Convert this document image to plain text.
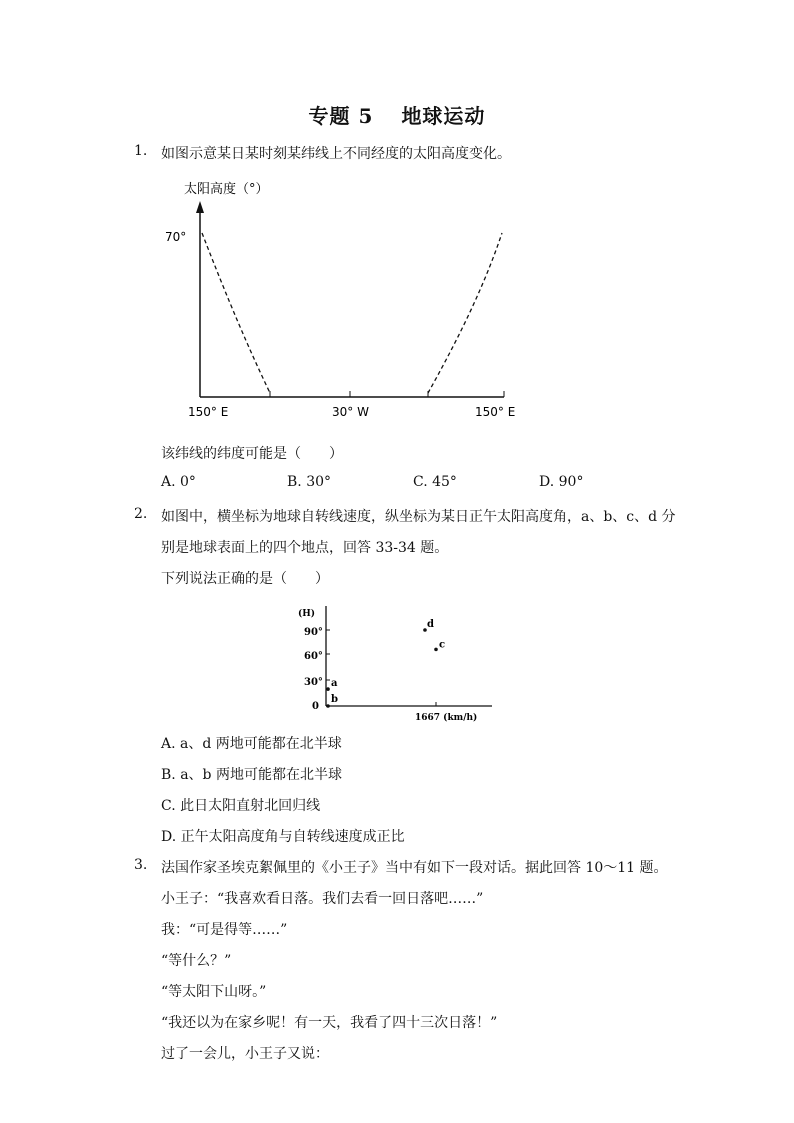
专题 5 地球运动
1. 如图示意某日某时刻某纬线上不同经度的太阳高度变化。
太阳高度（°）
70°
150° E	30° W	150° E
该纬线的纬度可能是（　　）
A. 0°	B. 30°	C. 45°	D. 90°
2. 如图中，横坐标为地球自转线速度，纵坐标为某日正午太阳高度角，a、b、c、d 分
别是地球表面上的四个地点，回答 33-34 题。
下列说法正确的是（　　）
(H)
90°
60°
30°
0
1667 (km/h)
a
b
c
d
A. a、d 两地可能都在北半球
B. a、b 两地可能都在北半球
C. 此日太阳直射北回归线
D. 正午太阳高度角与自转线速度成正比
3. 法国作家圣埃克絮佩里的《小王子》当中有如下一段对话。据此回答 10～11 题。
小王子：“我喜欢看日落。我们去看一回日落吧……”
我：“可是得等……”
“等什么？”
“等太阳下山呀。”
“我还以为在家乡呢！有一天，我看了四十三次日落！”
过了一会儿，小王子又说：
